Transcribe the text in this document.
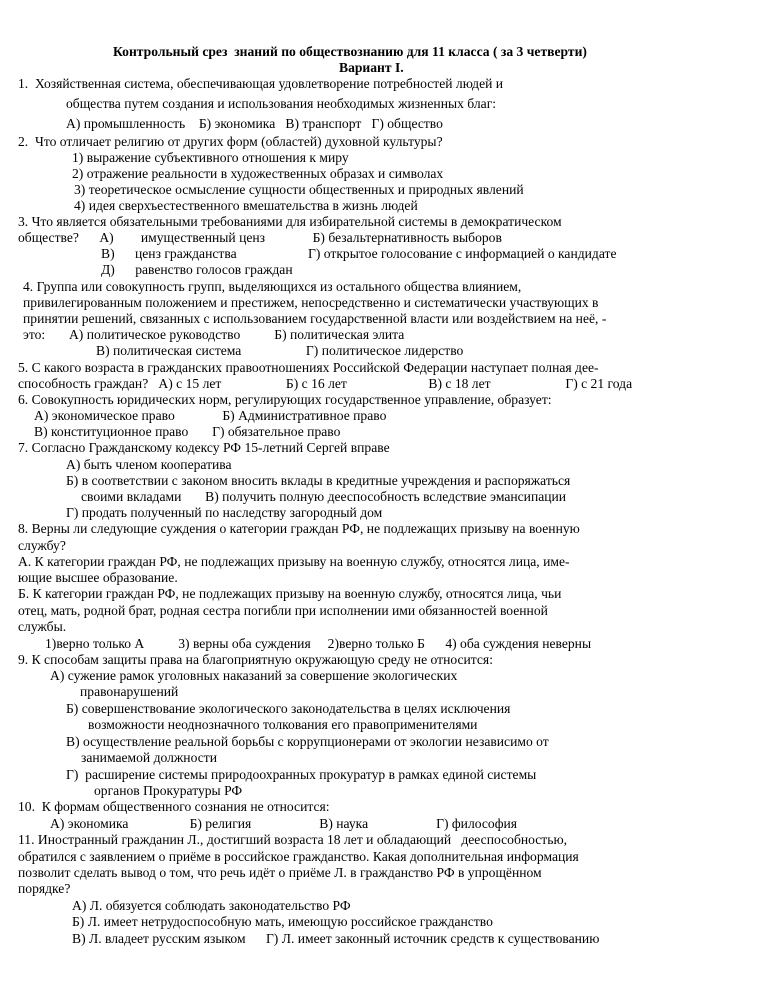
Контрольный срез  знаний по обществознанию для 11 класса ( за 3 четверти)
Вариант I.
1.  Хозяйственная система, обеспечивающая удовлетворение потребностей людей и
общества путем создания и использования необходимых жизненных благ:
А) промышленность    Б) экономика   В) транспорт   Г) общество
2.  Что отличает религию от других форм (областей) духовной культуры?
1) выражение субъективного отношения к миру
2) отражение реальности в художественных образах и символах
3) теоретическое осмысление сущности общественных и природных явлений
4) идея сверхъестественного вмешательства в жизнь людей
3. Что является обязательными требованиями для избирательной системы в демократическом
обществе?      А)        имущественный ценз              Б) безальтернативность выборов
В)      ценз гражданства                     Г) открытое голосование с информацией о кандидате
Д)      равенство голосов граждан
4. Группа или совокупность групп, выделяющихся из остального общества влиянием,
привилегированным положением и престижем, непосредственно и систематически участвующих в
принятии решений, связанных с использованием государственной власти или воздействием на неё, -
это:       А) политическое руководство          Б) политическая элита
В) политическая система                   Г) политическое лидерство
5. С какого возраста в гражданских правоотношениях Российской Федерации наступает полная дее-
способность граждан?   А) с 15 лет                   Б) с 16 лет                        В) с 18 лет                      Г) с 21 года
6. Совокупность юридических норм, регулирующих государственное управление, образует:
А) экономическое право              Б) Административное право
В) конституционное право       Г) обязательное право
7. Согласно Гражданскому кодексу РФ 15-летний Сергей вправе
А) быть членом кооператива
Б) в соответствии с законом вносить вклады в кредитные учреждения и распоряжаться
своими вкладами       В) получить полную дееспособность вследствие эмансипации
Г) продать полученный по наследству загородный дом
8. Верны ли следующие суждения о категории граждан РФ, не подлежащих призыву на военную
службу?
А. К категории граждан РФ, не подлежащих призыву на военную службу, относятся лица, име-
ющие высшее образование.
Б. К категории граждан РФ, не подлежащих призыву на военную службу, относятся лица, чьи
отец, мать, родной брат, родная сестра погибли при исполнении ими обязанностей военной
службы.
1)верно только А          3) верны оба суждения     2)верно только Б      4) оба суждения неверны
9. К способам защиты права на благоприятную окружающую среду не относится:
А) сужение рамок уголовных наказаний за совершение экологических
правонарушений
Б) совершенствование экологического законодательства в целях исключения
возможности неоднозначного толкования его правоприменителями
В) осуществление реальной борьбы с коррупционерами от экологии независимо от
занимаемой должности
Г)  расширение системы природоохранных прокуратур в рамках единой системы
органов Прокуратуры РФ
10.  К формам общественного сознания не относится:
А) экономика                  Б) религия                    В) наука                    Г) философия
11. Иностранный гражданин Л., достигший возраста 18 лет и обладающий   дееспособностью,
обратился с заявлением о приёме в российское гражданство. Какая дополнительная информация
позволит сделать вывод о том, что речь идёт о приёме Л. в гражданство РФ в упрощённом
порядке?
А) Л. обязуется соблюдать законодательство РФ
Б) Л. имеет нетрудоспособную мать, имеющую российское гражданство
В) Л. владеет русским языком      Г) Л. имеет законный источник средств к существованию
